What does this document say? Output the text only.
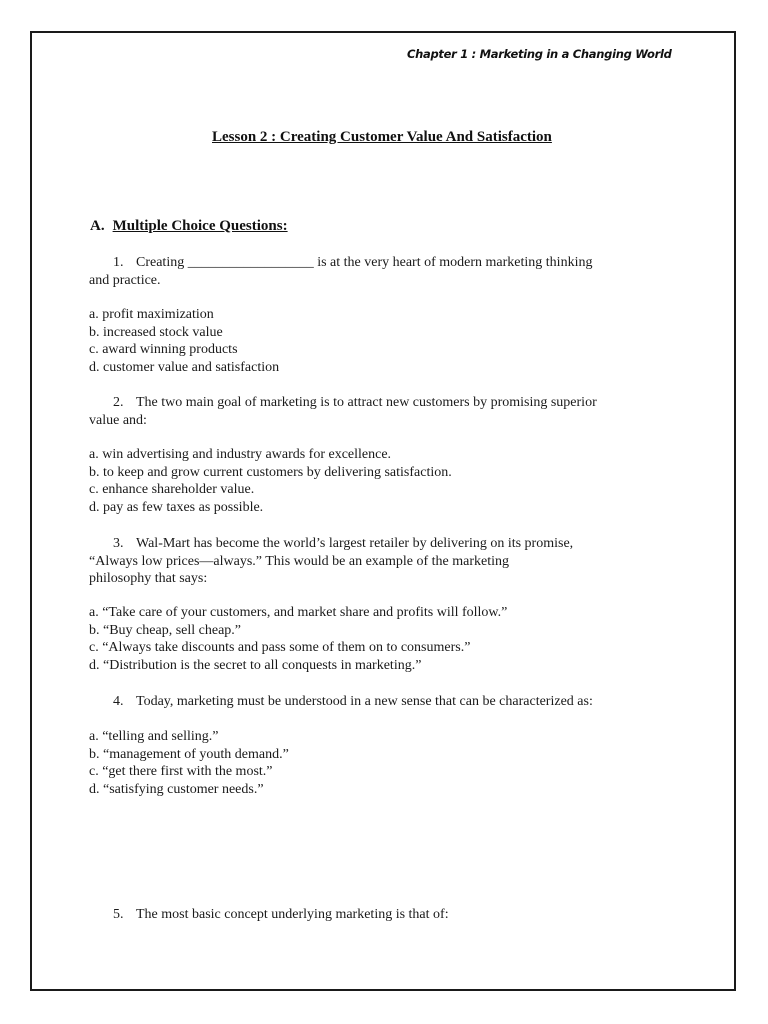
Chapter 1 : Marketing in a Changing World
Lesson 2 : Creating Customer Value And Satisfaction
A. Multiple Choice Questions:
1. Creating __________________ is at the very heart of modern marketing thinking
and practice.
a. profit maximization
b. increased stock value
c. award winning products
d. customer value and satisfaction
2. The two main goal of marketing is to attract new customers by promising superior
value and:
a. win advertising and industry awards for excellence.
b. to keep and grow current customers by delivering satisfaction.
c. enhance shareholder value.
d. pay as few taxes as possible.
3. Wal-Mart has become the world’s largest retailer by delivering on its promise,
“Always low prices—always.” This would be an example of the marketing
philosophy that says:
a. “Take care of your customers, and market share and profits will follow.”
b. “Buy cheap, sell cheap.”
c. “Always take discounts and pass some of them on to consumers.”
d. “Distribution is the secret to all conquests in marketing.”
4. Today, marketing must be understood in a new sense that can be characterized as:
a. “telling and selling.”
b. “management of youth demand.”
c. “get there first with the most.”
d. “satisfying customer needs.”
5. The most basic concept underlying marketing is that of:
